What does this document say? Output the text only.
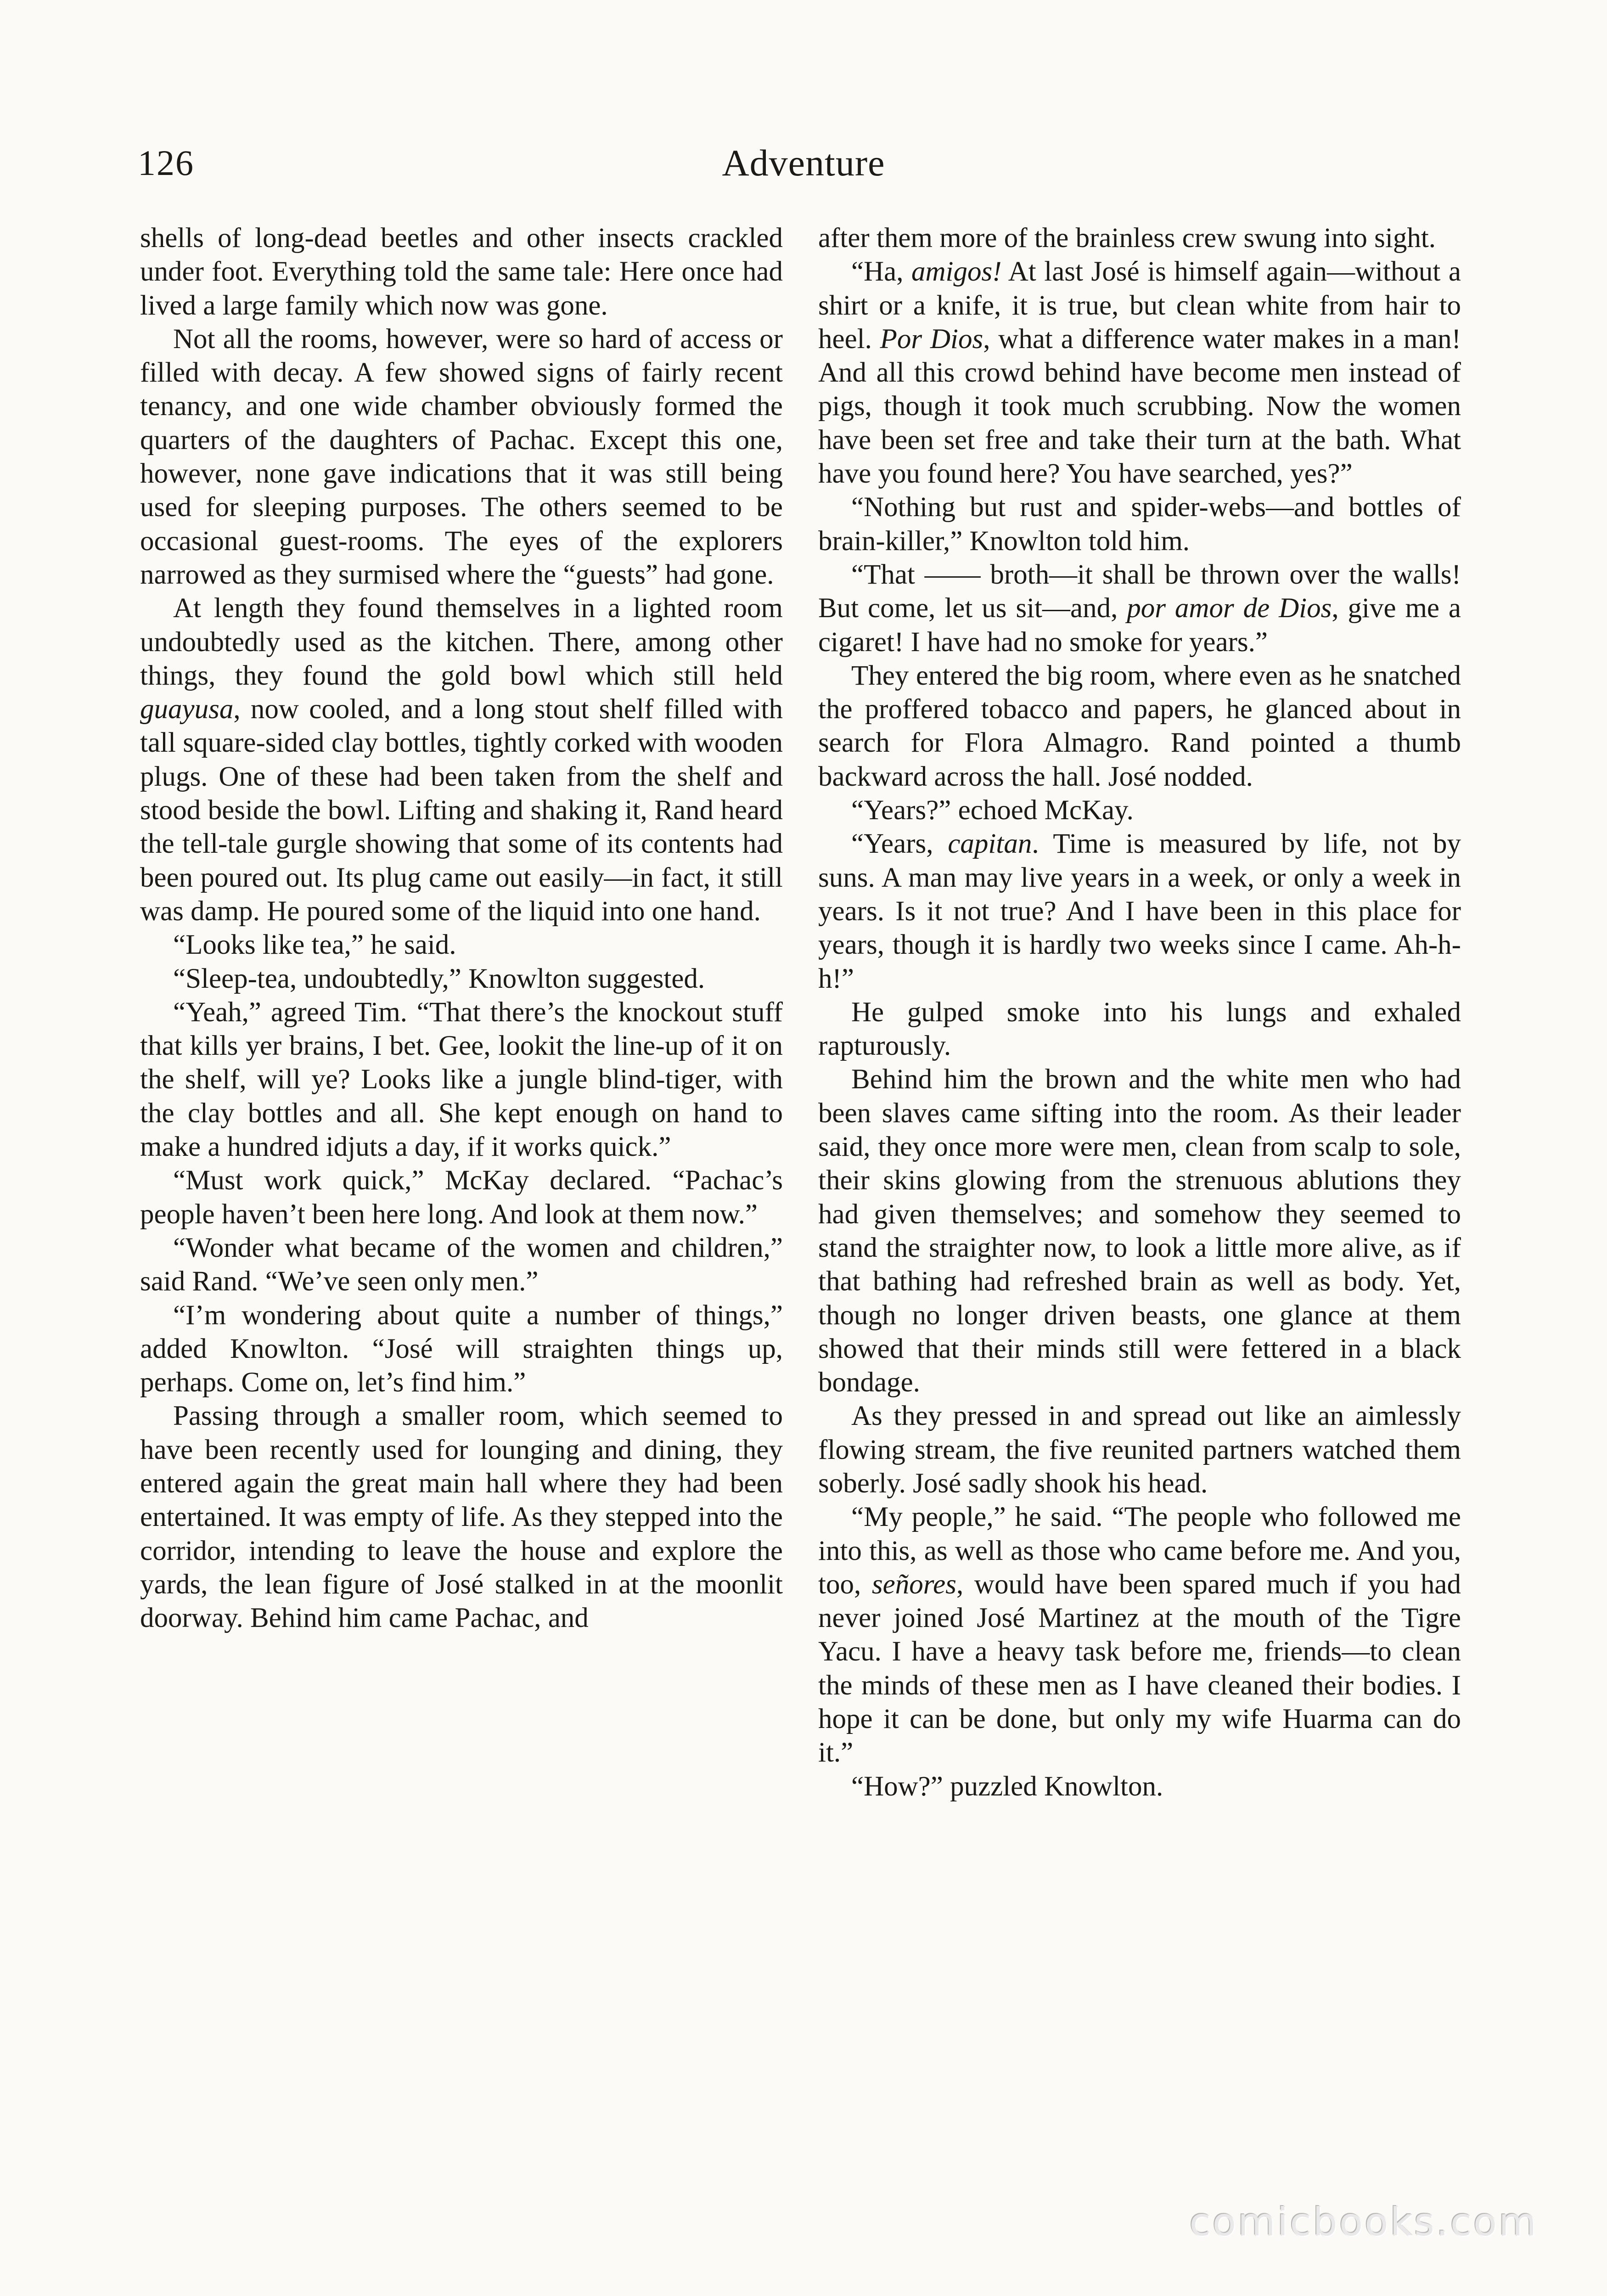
126	Adventure

shells of long-dead beetles and other insects crackled under foot. Everything told the same tale: Here once had lived a large family which now was gone.

Not all the rooms, however, were so hard of access or filled with decay. A few showed signs of fairly recent tenancy, and one wide chamber obviously formed the quarters of the daughters of Pachac. Except this one, however, none gave indications that it was still being used for sleeping purposes. The others seemed to be occasional guest-rooms. The eyes of the explorers narrowed as they surmised where the “guests” had gone.

At length they found themselves in a lighted room undoubtedly used as the kitchen. There, among other things, they found the gold bowl which still held guayusa, now cooled, and a long stout shelf filled with tall square-sided clay bottles, tightly corked with wooden plugs. One of these had been taken from the shelf and stood beside the bowl. Lifting and shaking it, Rand heard the tell-tale gurgle showing that some of its contents had been poured out. Its plug came out easily—in fact, it still was damp. He poured some of the liquid into one hand.

“Looks like tea,” he said.

“Sleep-tea, undoubtedly,” Knowlton suggested.

“Yeah,” agreed Tim. “That there’s the knockout stuff that kills yer brains, I bet. Gee, lookit the line-up of it on the shelf, will ye? Looks like a jungle blind-tiger, with the clay bottles and all. She kept enough on hand to make a hundred idjuts a day, if it works quick.”

“Must work quick,” McKay declared. “Pachac’s people haven’t been here long. And look at them now.”

“Wonder what became of the women and children,” said Rand. “We’ve seen only men.”

“I’m wondering about quite a number of things,” added Knowlton. “José will straighten things up, perhaps. Come on, let’s find him.”

Passing through a smaller room, which seemed to have been recently used for lounging and dining, they entered again the great main hall where they had been entertained. It was empty of life. As they stepped into the corridor, intending to leave the house and explore the yards, the lean figure of José stalked in at the moonlit doorway. Behind him came Pachac, and

after them more of the brainless crew swung into sight.

“Ha, amigos! At last José is himself again—without a shirt or a knife, it is true, but clean white from hair to heel. Por Dios, what a difference water makes in a man! And all this crowd behind have become men instead of pigs, though it took much scrubbing. Now the women have been set free and take their turn at the bath. What have you found here? You have searched, yes?”

“Nothing but rust and spider-webs—and bottles of brain-killer,” Knowlton told him.

“That —— broth—it shall be thrown over the walls! But come, let us sit—and, por amor de Dios, give me a cigaret! I have had no smoke for years.”

They entered the big room, where even as he snatched the proffered tobacco and papers, he glanced about in search for Flora Almagro. Rand pointed a thumb backward across the hall. José nodded.

“Years?” echoed McKay.

“Years, capitan. Time is measured by life, not by suns. A man may live years in a week, or only a week in years. Is it not true? And I have been in this place for years, though it is hardly two weeks since I came. Ah-h-h!”

He gulped smoke into his lungs and exhaled rapturously.

Behind him the brown and the white men who had been slaves came sifting into the room. As their leader said, they once more were men, clean from scalp to sole, their skins glowing from the strenuous ablutions they had given themselves; and somehow they seemed to stand the straighter now, to look a little more alive, as if that bathing had refreshed brain as well as body. Yet, though no longer driven beasts, one glance at them showed that their minds still were fettered in a black bondage.

As they pressed in and spread out like an aimlessly flowing stream, the five reunited partners watched them soberly. José sadly shook his head.

“My people,” he said. “The people who followed me into this, as well as those who came before me. And you, too, señores, would have been spared much if you had never joined José Martinez at the mouth of the Tigre Yacu. I have a heavy task before me, friends—to clean the minds of these men as I have cleaned their bodies. I hope it can be done, but only my wife Huarma can do it.”

“How?” puzzled Knowlton.

comicbooks.com
